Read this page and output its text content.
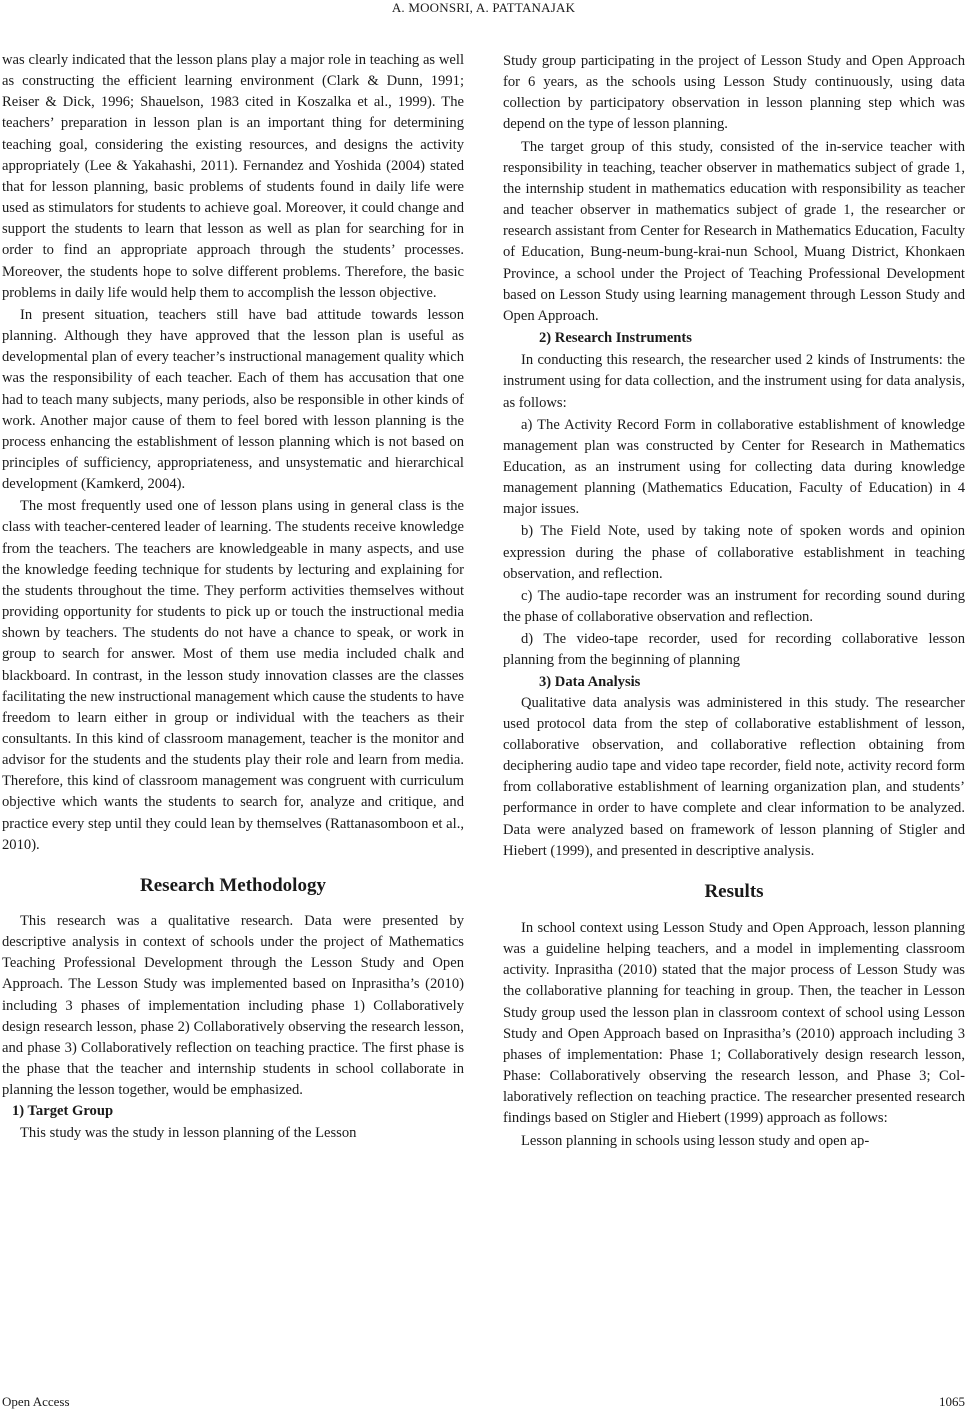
A. MOONSRI, A. PATTANAJAK

was clearly indicated that the lesson plans play a major role in teaching as well as constructing the efficient learning environment (Clark & Dunn, 1991; Reiser & Dick, 1996; Shauelson, 1983 cited in Koszalka et al., 1999). The teachers’ preparation in lesson plan is an important thing for determining teaching goal, considering the existing resources, and designs the activity appropriately (Lee & Yakahashi, 2011). Fernandez and Yoshida (2004) stated that for lesson planning, basic problems of students found in daily life were used as stimulators for students to achieve goal. Moreover, it could change and support the students to learn that lesson as well as plan for searching for in order to find an appropriate approach through the students’ processes. Moreover, the students hope to solve different problems. Therefore, the basic problems in daily life would help them to accomplish the lesson objective.

In present situation, teachers still have bad attitude towards lesson planning. Although they have approved that the lesson plan is useful as developmental plan of every teacher’s instructional management quality which was the responsibility of each teacher. Each of them has accusation that one had to teach many subjects, many periods, also be responsible in other kinds of work. Another major cause of them to feel bored with lesson planning is the process enhancing the establishment of lesson planning which is not based on principles of sufficiency, appropriateness, and unsystematic and hierarchical development (Kamkerd, 2004).

The most frequently used one of lesson plans using in general class is the class with teacher-centered leader of learning. The students receive knowledge from the teachers. The teachers are knowledgeable in many aspects, and use the knowledge feeding technique for students by lecturing and explaining for the students throughout the time. They perform activities themselves without providing opportunity for students to pick up or touch the instructional media shown by teachers. The students do not have a chance to speak, or work in group to search for answer. Most of them use media included chalk and blackboard. In contrast, in the lesson study innovation classes are the classes facilitating the new instructional management which cause the students to have freedom to learn either in group or individual with the teachers as their consultants. In this kind of classroom management, teacher is the monitor and advisor for the students and the students play their role and learn from media. Therefore, this kind of classroom management was congruent with curriculum objective which wants the students to search for, analyze and critique, and practice every step until they could lean by themselves (Rattanasomboon et al., 2010).

Research Methodology

This research was a qualitative research. Data were presented by descriptive analysis in context of schools under the project of Mathematics Teaching Professional Development through the Lesson Study and Open Approach. The Lesson Study was implemented based on Inprasitha’s (2010) including 3 phases of implementation including phase 1) Collaboratively design research lesson, phase 2) Collaboratively observing the research lesson, and phase 3) Collaboratively reflection on teaching practice. The first phase is the phase that the teacher and internship students in school collaborate in planning the lesson together, would be emphasized.

1) Target Group

This study was the study in lesson planning of the Lesson

Study group participating in the project of Lesson Study and Open Approach for 6 years, as the schools using Lesson Study continuously, using data collection by participatory observation in lesson planning step which was depend on the type of lesson planning.

The target group of this study, consisted of the in-service teacher with responsibility in teaching, teacher observer in mathematics subject of grade 1, the internship student in mathematics education with responsibility as teacher and teacher observer in mathematics subject of grade 1, the researcher or research assistant from Center for Research in Mathematics Education, Faculty of Education, Bung-neum-bung-krai-nun School, Muang District, Khonkaen Province, a school under the Project of Teaching Professional Development based on Lesson Study using learning management through Lesson Study and Open Approach.

2) Research Instruments

In conducting this research, the researcher used 2 kinds of Instruments: the instrument using for data collection, and the instrument using for data analysis, as follows:

a) The Activity Record Form in collaborative establishment of knowledge management plan was constructed by Center for Research in Mathematics Education, as an instrument using for collecting data during knowledge management planning (Mathematics Education, Faculty of Education) in 4 major issues.

b) The Field Note, used by taking note of spoken words and opinion expression during the phase of collaborative establishment in teaching observation, and reflection.

c) The audio-tape recorder was an instrument for recording sound during the phase of collaborative observation and reflection.

d) The video-tape recorder, used for recording collaborative lesson planning from the beginning of planning

3) Data Analysis

Qualitative data analysis was administered in this study. The researcher used protocol data from the step of collaborative establishment of lesson, collaborative observation, and collaborative reflection obtaining from deciphering audio tape and video tape recorder, field note, activity record form from collaborative establishment of learning organization plan, and students’ performance in order to have complete and clear information to be analyzed. Data were analyzed based on framework of lesson planning of Stigler and Hiebert (1999), and presented in descriptive analysis.

Results

In school context using Lesson Study and Open Approach, lesson planning was a guideline helping teachers, and a model in implementing classroom activity. Inprasitha (2010) stated that the major process of Lesson Study was the collaborative planning for teaching in group. Then, the teacher in Lesson Study group used the lesson plan in classroom context of school using Lesson Study and Open Approach based on Inprasitha’s (2010) approach including 3 phases of implementation: Phase 1; Collaboratively design research lesson, Phase: Collaboratively observing the research lesson, and Phase 3; Collaboratively reflection on teaching practice. The researcher presented research findings based on Stigler and Hiebert (1999) approach as follows:

Lesson planning in schools using lesson study and open ap-

Open Access	1065
